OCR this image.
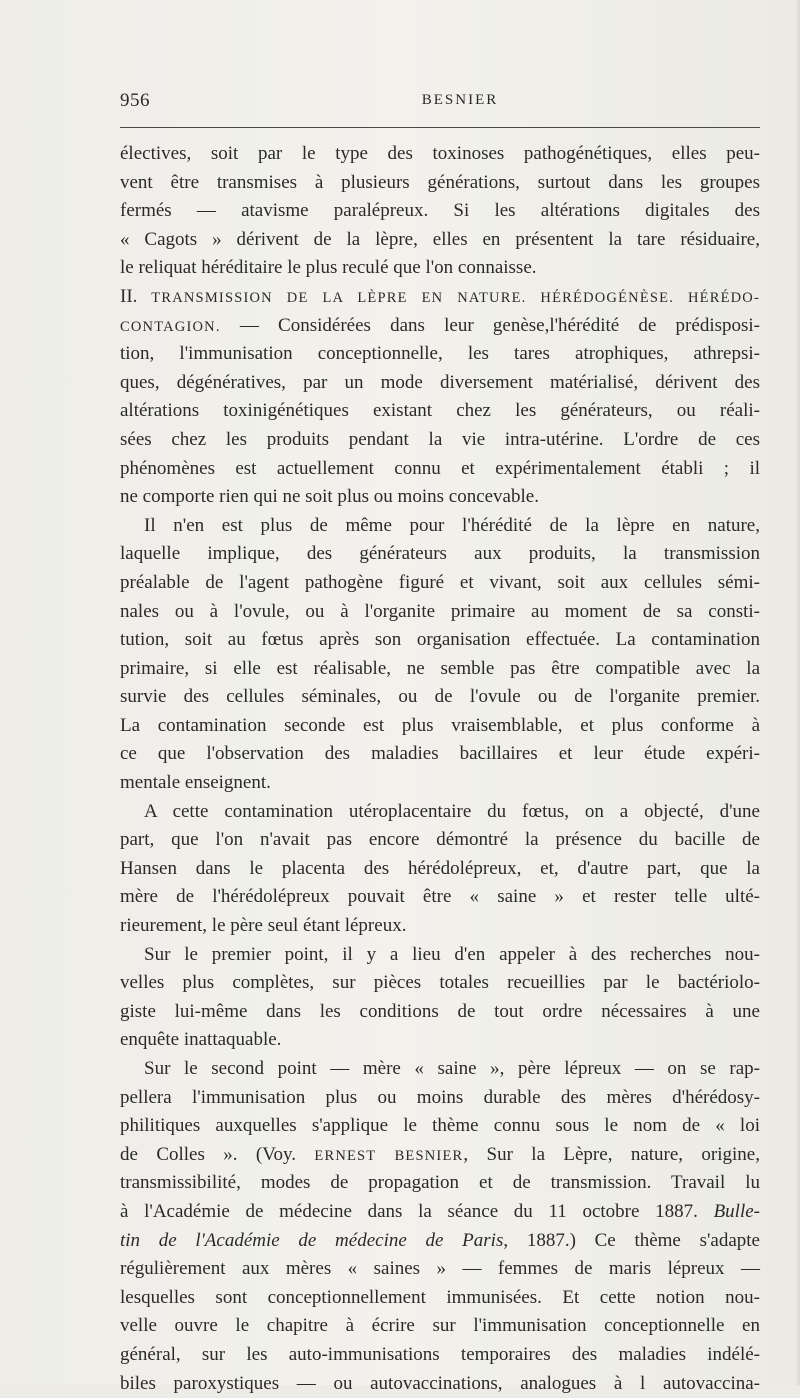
956	BESNIER
électives, soit par le type des toxinoses pathogénétiques, elles peu-
vent être transmises à plusieurs générations, surtout dans les groupes
fermés — atavisme paralépreux. Si les altérations digitales des
« Cagots » dérivent de la lèpre, elles en présentent la tare résiduaire,
le reliquat héréditaire le plus reculé que l'on connaisse.
II. TRANSMISSION DE LA LÈPRE EN NATURE. HÉRÉDOGÉNÈSE. HÉRÉDO-
CONTAGION. — Considérées dans leur genèse,l'hérédité de prédisposi-
tion, l'immunisation conceptionnelle, les tares atrophiques, athrepsi-
ques, dégénératives, par un mode diversement matérialisé, dérivent des
altérations toxinigénétiques existant chez les générateurs, ou réali-
sées chez les produits pendant la vie intra-utérine. L'ordre de ces
phénomènes est actuellement connu et expérimentalement établi ; il
ne comporte rien qui ne soit plus ou moins concevable.
Il n'en est plus de même pour l'hérédité de la lèpre en nature,
laquelle implique, des générateurs aux produits, la transmission
préalable de l'agent pathogène figuré et vivant, soit aux cellules sémi-
nales ou à l'ovule, ou à l'organite primaire au moment de sa consti-
tution, soit au fœtus après son organisation effectuée. La contamination
primaire, si elle est réalisable, ne semble pas être compatible avec la
survie des cellules séminales, ou de l'ovule ou de l'organite premier.
La contamination seconde est plus vraisemblable, et plus conforme à
ce que l'observation des maladies bacillaires et leur étude expéri-
mentale enseignent.
A cette contamination utéroplacentaire du fœtus, on a objecté, d'une
part, que l'on n'avait pas encore démontré la présence du bacille de
Hansen dans le placenta des hérédolépreux, et, d'autre part, que la
mère de l'hérédolépreux pouvait être « saine » et rester telle ulté-
rieurement, le père seul étant lépreux.
Sur le premier point, il y a lieu d'en appeler à des recherches nou-
velles plus complètes, sur pièces totales recueillies par le bactériolo-
giste lui-même dans les conditions de tout ordre nécessaires à une
enquête inattaquable.
Sur le second point — mère « saine », père lépreux — on se rap-
pellera l'immunisation plus ou moins durable des mères d'hérédosy-
philitiques auxquelles s'applique le thème connu sous le nom de « loi
de Colles ». (Voy. ERNEST BESNIER, Sur la Lèpre, nature, origine,
transmissibilité, modes de propagation et de transmission. Travail lu
à l'Académie de médecine dans la séance du 11 octobre 1887. Bulle-
tin de l'Académie de médecine de Paris, 1887.) Ce thème s'adapte
régulièrement aux mères « saines » — femmes de maris lépreux —
lesquelles sont conceptionnellement immunisées. Et cette notion nou-
velle ouvre le chapitre à écrire sur l'immunisation conceptionnelle en
général, sur les auto-immunisations temporaires des maladies indélé-
biles paroxystiques — ou autovaccinations, analogues à l autovaccina-
